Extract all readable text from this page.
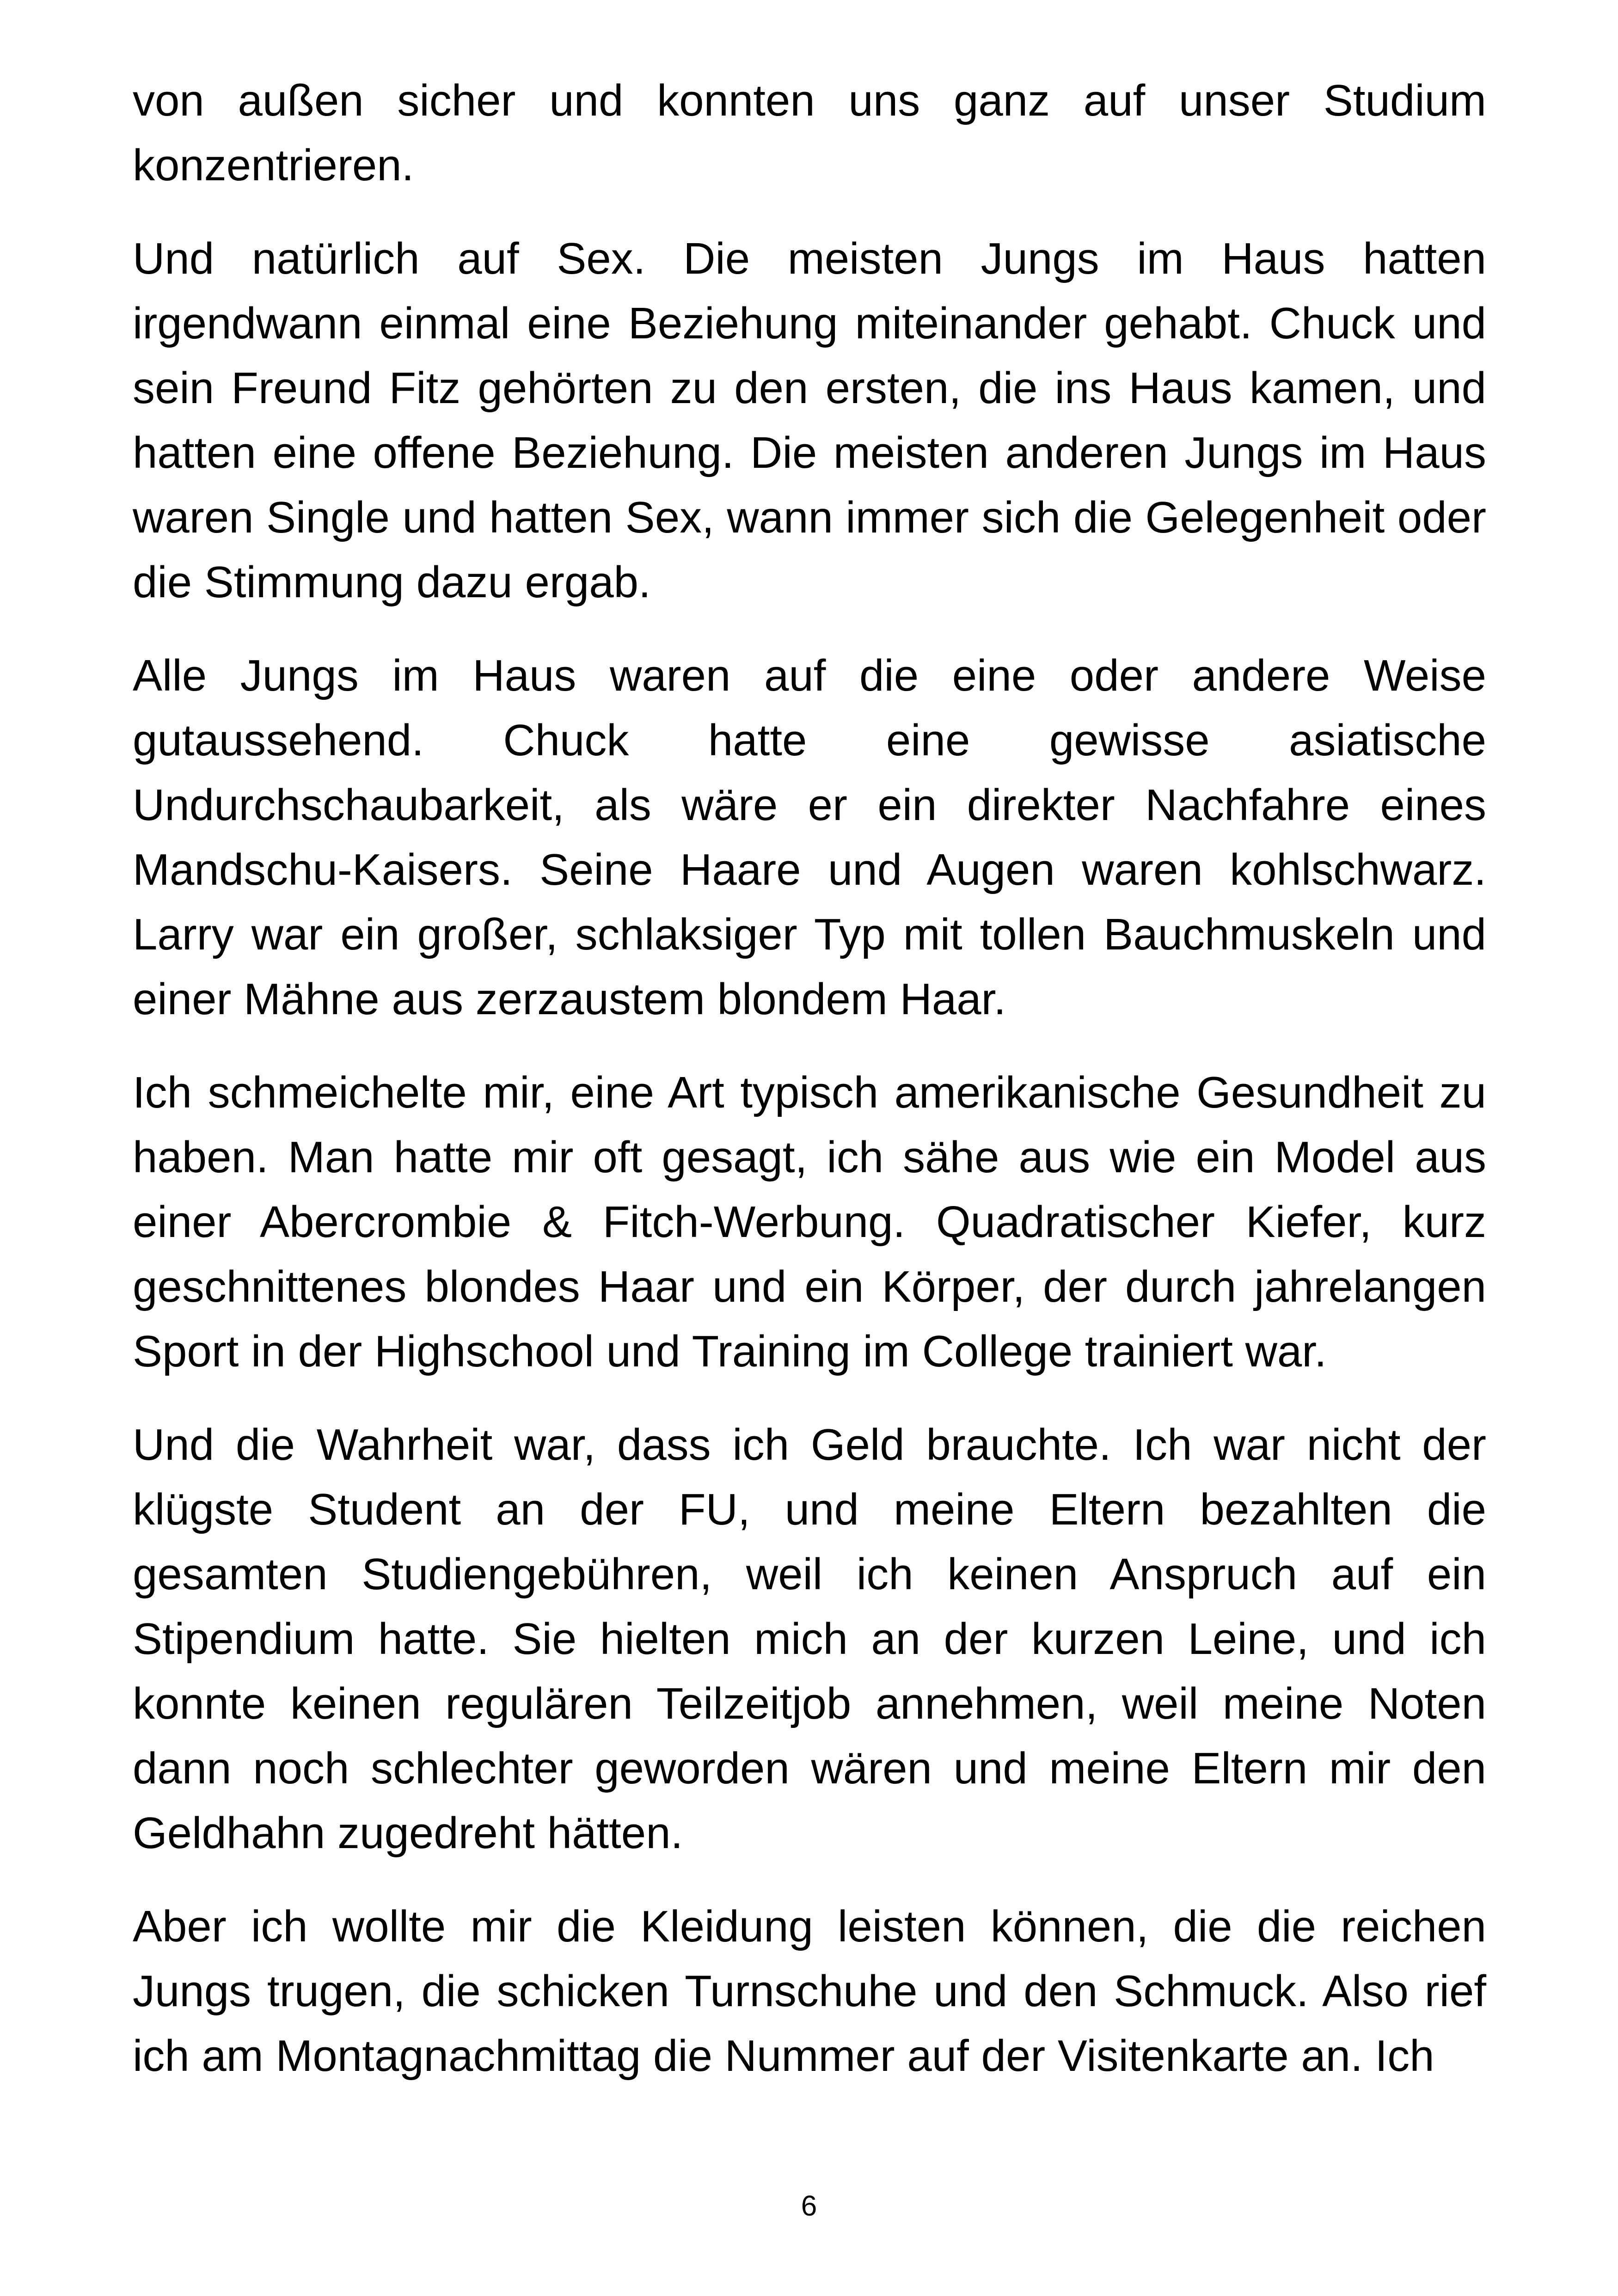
von außen sicher und konnten uns ganz auf unser Studium konzentrieren.

Und natürlich auf Sex. Die meisten Jungs im Haus hatten irgendwann einmal eine Beziehung miteinander gehabt. Chuck und sein Freund Fitz gehörten zu den ersten, die ins Haus kamen, und hatten eine offene Beziehung. Die meisten anderen Jungs im Haus waren Single und hatten Sex, wann immer sich die Gelegenheit oder die Stimmung dazu ergab.

Alle Jungs im Haus waren auf die eine oder andere Weise gutaussehend. Chuck hatte eine gewisse asiatische Undurchschaubarkeit, als wäre er ein direkter Nachfahre eines Mandschu-Kaisers. Seine Haare und Augen waren kohlschwarz. Larry war ein großer, schlaksiger Typ mit tollen Bauchmuskeln und einer Mähne aus zerzaustem blondem Haar.

Ich schmeichelte mir, eine Art typisch amerikanische Gesundheit zu haben. Man hatte mir oft gesagt, ich sähe aus wie ein Model aus einer Abercrombie & Fitch-Werbung. Quadratischer Kiefer, kurz geschnittenes blondes Haar und ein Körper, der durch jahrelangen Sport in der Highschool und Training im College trainiert war.

Und die Wahrheit war, dass ich Geld brauchte. Ich war nicht der klügste Student an der FU, und meine Eltern bezahlten die gesamten Studiengebühren, weil ich keinen Anspruch auf ein Stipendium hatte. Sie hielten mich an der kurzen Leine, und ich konnte keinen regulären Teilzeitjob annehmen, weil meine Noten dann noch schlechter geworden wären und meine Eltern mir den Geldhahn zugedreht hätten.

Aber ich wollte mir die Kleidung leisten können, die die reichen Jungs trugen, die schicken Turnschuhe und den Schmuck. Also rief ich am Montagnachmittag die Nummer auf der Visitenkarte an. Ich

6
